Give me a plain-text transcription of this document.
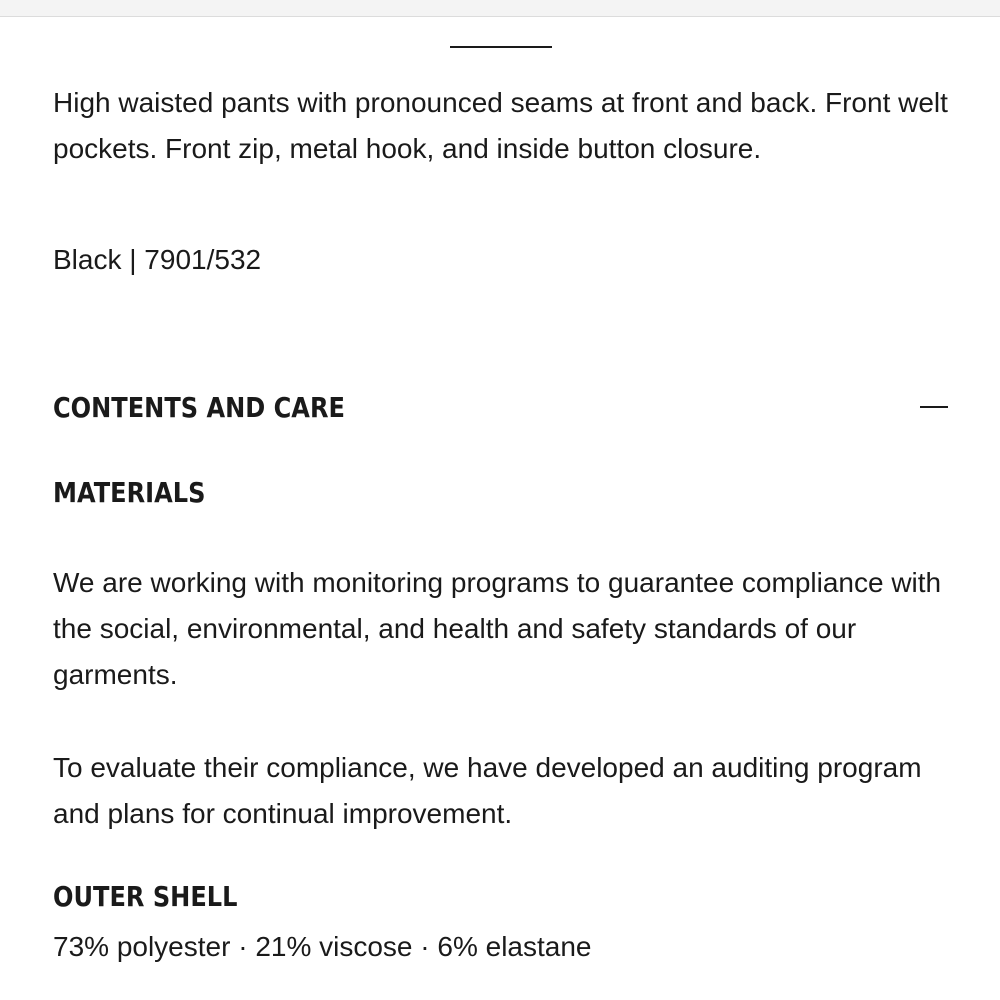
High waisted pants with pronounced seams at front and back. Front welt pockets. Front zip, metal hook, and inside button closure.

Black | 7901/532

CONTENTS AND CARE
MATERIALS

We are working with monitoring programs to guarantee compliance with the social, environmental, and health and safety standards of our garments.

To evaluate their compliance, we have developed an auditing program and plans for continual improvement.

OUTER SHELL

73% polyester · 21% viscose · 6% elastane
